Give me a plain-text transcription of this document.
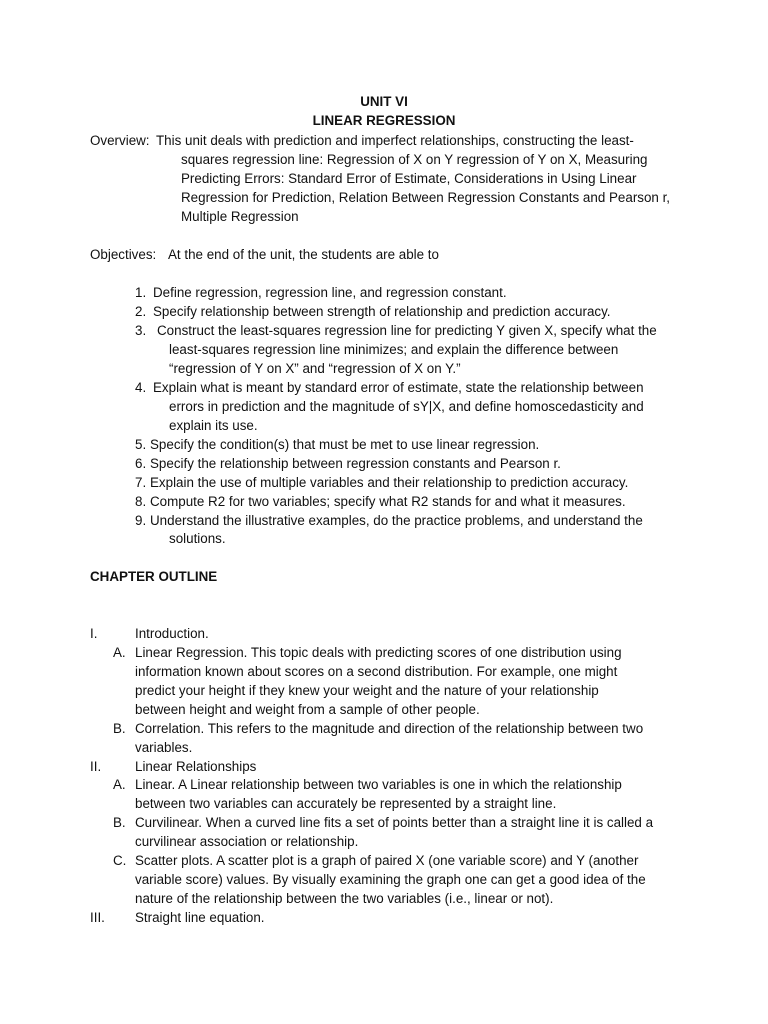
UNIT VI
LINEAR REGRESSION
Overview: This unit deals with prediction and imperfect relationships, constructing the least-
squares regression line: Regression of X on Y regression of Y on X, Measuring
Predicting Errors: Standard Error of Estimate, Considerations in Using Linear
Regression for Prediction, Relation Between Regression Constants and Pearson r,
Multiple Regression
Objectives: At the end of the unit, the students are able to
1. Define regression, regression line, and regression constant.
2. Specify relationship between strength of relationship and prediction accuracy.
3. Construct the least-squares regression line for predicting Y given X, specify what the
least-squares regression line minimizes; and explain the difference between
“regression of Y on X” and “regression of X on Y.”
4. Explain what is meant by standard error of estimate, state the relationship between
errors in prediction and the magnitude of sY|X, and define homoscedasticity and
explain its use.
5. Specify the condition(s) that must be met to use linear regression.
6. Specify the relationship between regression constants and Pearson r.
7. Explain the use of multiple variables and their relationship to prediction accuracy.
8. Compute R2 for two variables; specify what R2 stands for and what it measures.
9. Understand the illustrative examples, do the practice problems, and understand the
solutions.
CHAPTER OUTLINE
I.	Introduction.
A. Linear Regression. This topic deals with predicting scores of one distribution using
information known about scores on a second distribution. For example, one might
predict your height if they knew your weight and the nature of your relationship
between height and weight from a sample of other people.
B. Correlation. This refers to the magnitude and direction of the relationship between two
variables.
II.	Linear Relationships
A. Linear. A Linear relationship between two variables is one in which the relationship
between two variables can accurately be represented by a straight line.
B. Curvilinear. When a curved line fits a set of points better than a straight line it is called a
curvilinear association or relationship.
C. Scatter plots. A scatter plot is a graph of paired X (one variable score) and Y (another
variable score) values. By visually examining the graph one can get a good idea of the
nature of the relationship between the two variables (i.e., linear or not).
III. Straight line equation.
